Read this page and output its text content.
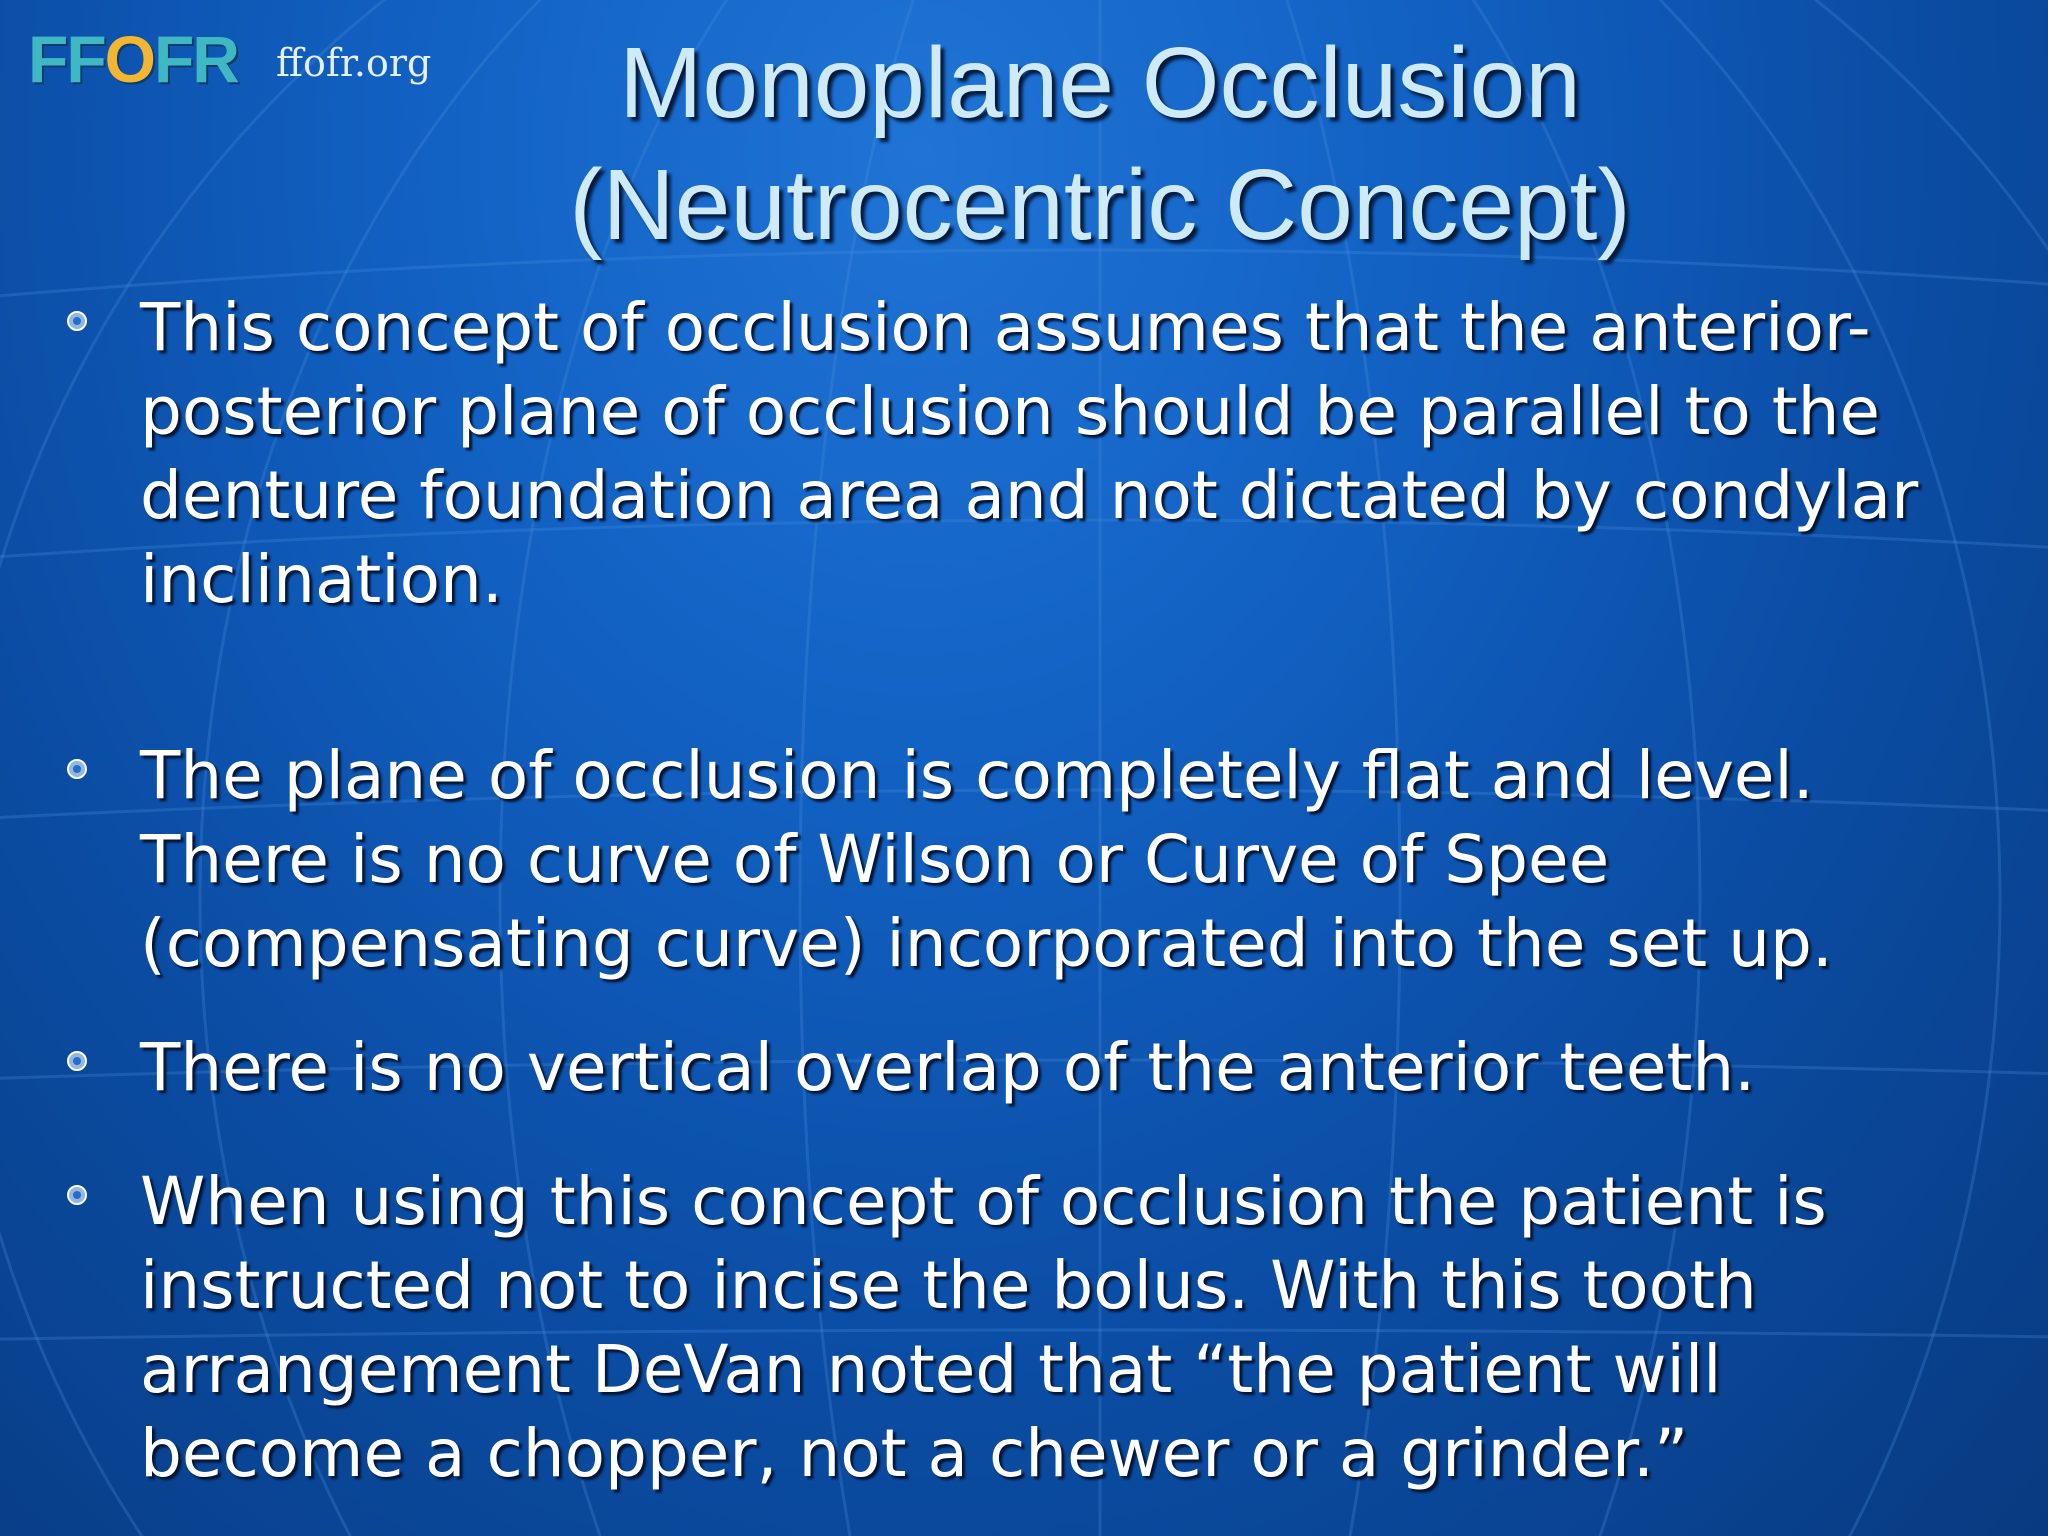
FFOFR ffofr.org	Monoplane Occlusion
(Neutrocentric Concept)
This concept of occlusion assumes that the anterior-
posterior plane of occlusion should be parallel to the
denture foundation area and not dictated by condylar
inclination.
The plane of occlusion is completely flat and level.
There is no curve of Wilson or Curve of Spee
(compensating curve) incorporated into the set up.
There is no vertical overlap of the anterior teeth.
When using this concept of occlusion the patient is
instructed not to incise the bolus. With this tooth
arrangement DeVan noted that “the patient will
become a chopper, not a chewer or a grinder.”
